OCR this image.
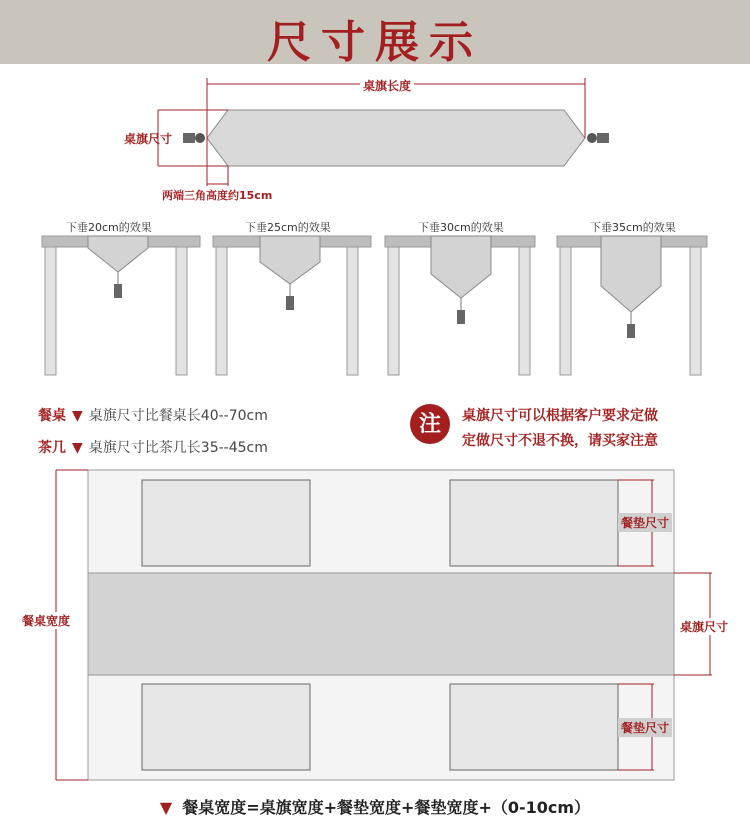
尺寸展示
桌旗长度
桌旗尺寸
两端三角高度约15cm
下垂20cm的效果	下垂25cm的效果	下垂30cm的效果	下垂35cm的效果
餐桌 ▼ 桌旗尺寸比餐桌长40--70cm
茶几 ▼ 桌旗尺寸比茶几长35--45cm
注	桌旗尺寸可以根据客户要求定做
定做尺寸不退不换，请买家注意
餐桌宽度
餐垫尺寸
桌旗尺寸
餐垫尺寸
▼ 餐桌宽度=桌旗宽度+餐垫宽度+餐垫宽度+（0-10cm）
